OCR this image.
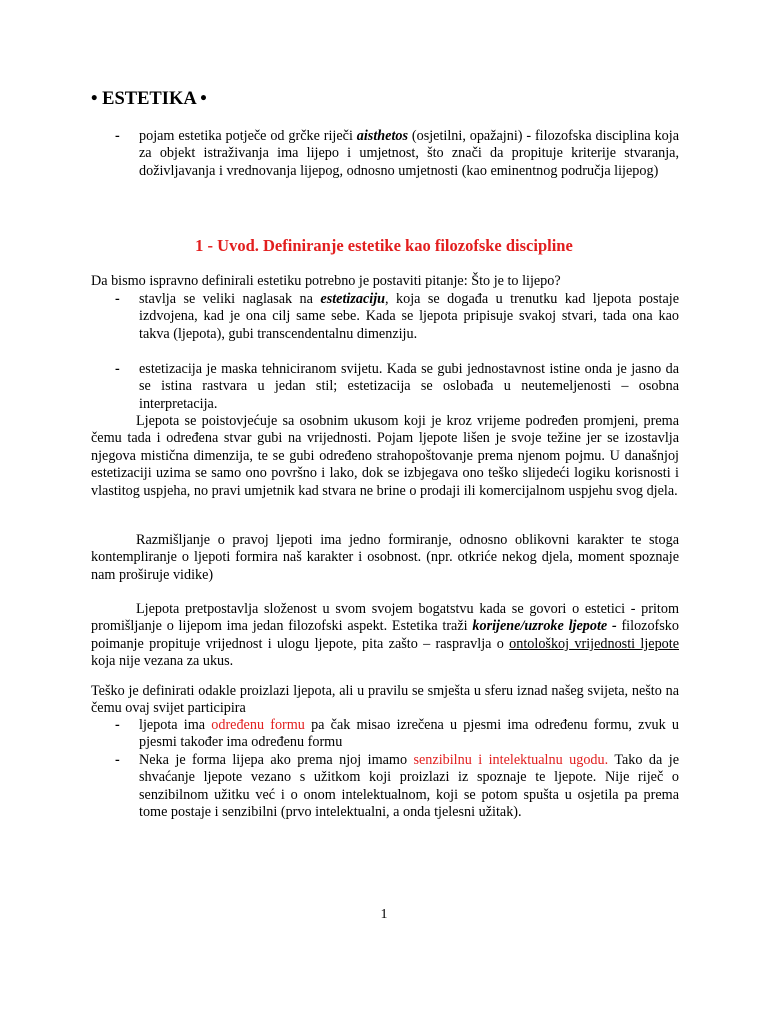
• ESTETIKA •
-	pojam estetika potječe od grčke riječi aisthetos (osjetilni, opažajni) - filozofska disciplina koja za objekt istraživanja ima lijepo i umjetnost, što znači da propituje kriterije stvaranja, doživljavanja i vrednovanja lijepog, odnosno umjetnosti (kao eminentnog područja lijepog)
1 - Uvod. Definiranje estetike kao filozofske discipline
Da bismo ispravno definirali estetiku potrebno je postaviti pitanje: Što je to lijepo?
-	stavlja se veliki naglasak na estetizaciju, koja se događa u trenutku kad ljepota postaje izdvojena, kad je ona cilj same sebe. Kada se ljepota pripisuje svakoj stvari, tada ona kao takva (ljepota), gubi transcendentalnu dimenziju.
-	estetizacija je maska tehniciranom svijetu. Kada se gubi jednostavnost istine onda je jasno da se istina rastvara u jedan stil; estetizacija se oslobađa u neutemeljenosti – osobna interpretacija.
Ljepota se poistovjećuje sa osobnim ukusom koji je kroz vrijeme podređen promjeni, prema čemu tada i određena stvar gubi na vrijednosti. Pojam ljepote lišen je svoje težine jer se izostavlja njegova mistična dimenzija, te se gubi određeno strahopoštovanje prema njenom pojmu. U današnjoj estetizaciji uzima se samo ono površno i lako, dok se izbjegava ono teško slijedeći logiku korisnosti i vlastitog uspjeha, no pravi umjetnik kad stvara ne brine o prodaji ili komercijalnom uspjehu svog djela.
Razmišljanje o pravoj ljepoti ima jedno formiranje, odnosno oblikovni karakter te stoga kontempliranje o ljepoti formira naš karakter i osobnost. (npr. otkriće nekog djela, moment spoznaje nam proširuje vidike)
Ljepota pretpostavlja složenost u svom svojem bogatstvu kada se govori o estetici - pritom promišljanje o lijepom ima jedan filozofski aspekt. Estetika traži korijene/uzroke ljepote - filozofsko poimanje propituje vrijednost i ulogu ljepote, pita zašto – raspravlja o ontološkoj vrijednosti ljepote koja nije vezana za ukus.
Teško je definirati odakle proizlazi ljepota, ali u pravilu se smješta u sferu iznad našeg svijeta, nešto na čemu ovaj svijet participira
-	ljepota ima određenu formu pa čak misao izrečena u pjesmi ima određenu formu, zvuk u pjesmi također ima određenu formu
-	Neka je forma lijepa ako prema njoj imamo senzibilnu i intelektualnu ugodu. Tako da je shvaćanje ljepote vezano s užitkom koji proizlazi iz spoznaje te ljepote. Nije riječ o senzibilnom užitku već i o onom intelektualnom, koji se potom spušta u osjetila pa prema tome postaje i senzibilni (prvo intelektualni, a onda tjelesni užitak).
1
